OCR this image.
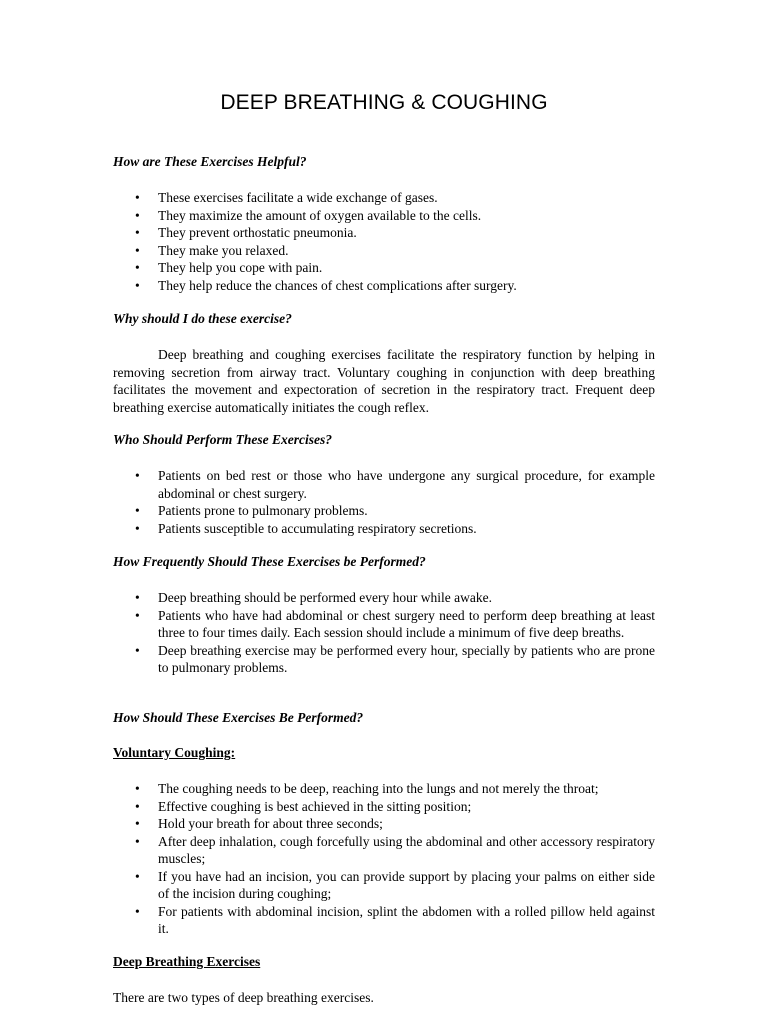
DEEP BREATHING & COUGHING

How are These Exercises Helpful?

• These exercises facilitate a wide exchange of gases.
• They maximize the amount of oxygen available to the cells.
• They prevent orthostatic pneumonia.
• They make you relaxed.
• They help you cope with pain.
• They help reduce the chances of chest complications after surgery.

Why should I do these exercise?

Deep breathing and coughing exercises facilitate the respiratory function by helping in removing secretion from airway tract. Voluntary coughing in conjunction with deep breathing facilitates the movement and expectoration of secretion in the respiratory tract. Frequent deep breathing exercise automatically initiates the cough reflex.

Who Should Perform These Exercises?

• Patients on bed rest or those who have undergone any surgical procedure, for example abdominal or chest surgery.
• Patients prone to pulmonary problems.
• Patients susceptible to accumulating respiratory secretions.

How Frequently Should These Exercises be Performed?

• Deep breathing should be performed every hour while awake.
• Patients who have had abdominal or chest surgery need to perform deep breathing at least three to four times daily. Each session should include a minimum of five deep breaths.
• Deep breathing exercise may be performed every hour, specially by patients who are prone to pulmonary problems.

How Should These Exercises Be Performed?

Voluntary Coughing:

• The coughing needs to be deep, reaching into the lungs and not merely the throat;
• Effective coughing is best achieved in the sitting position;
• Hold your breath for about three seconds;
• After deep inhalation, cough forcefully using the abdominal and other accessory respiratory muscles;
• If you have had an incision, you can provide support by placing your palms on either side of the incision during coughing;
• For patients with abdominal incision, splint the abdomen with a rolled pillow held against it.

Deep Breathing Exercises

There are two types of deep breathing exercises.
